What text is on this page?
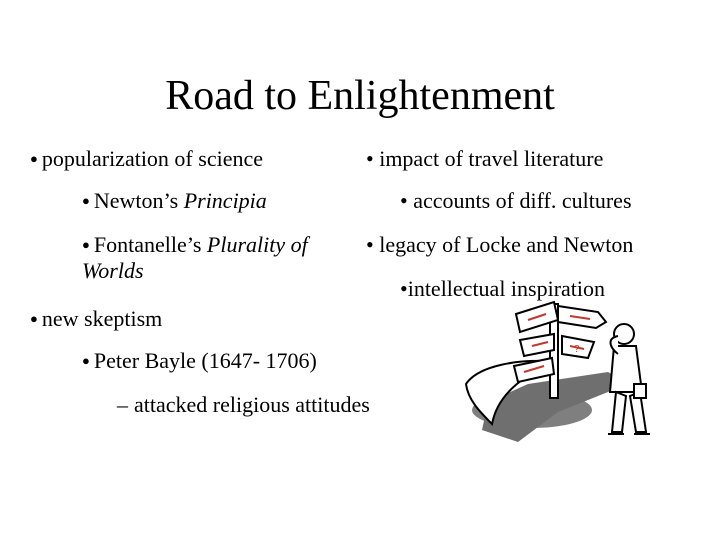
Road to Enlightenment
● popularization of science
● Newton’s Principia
● Fontanelle’s Plurality of Worlds
● new skeptism
● Peter Bayle (1647- 1706)
– attacked religious attitudes
• impact of travel literature
• accounts of diff. cultures
• legacy of Locke and Newton
•intellectual inspiration
?
